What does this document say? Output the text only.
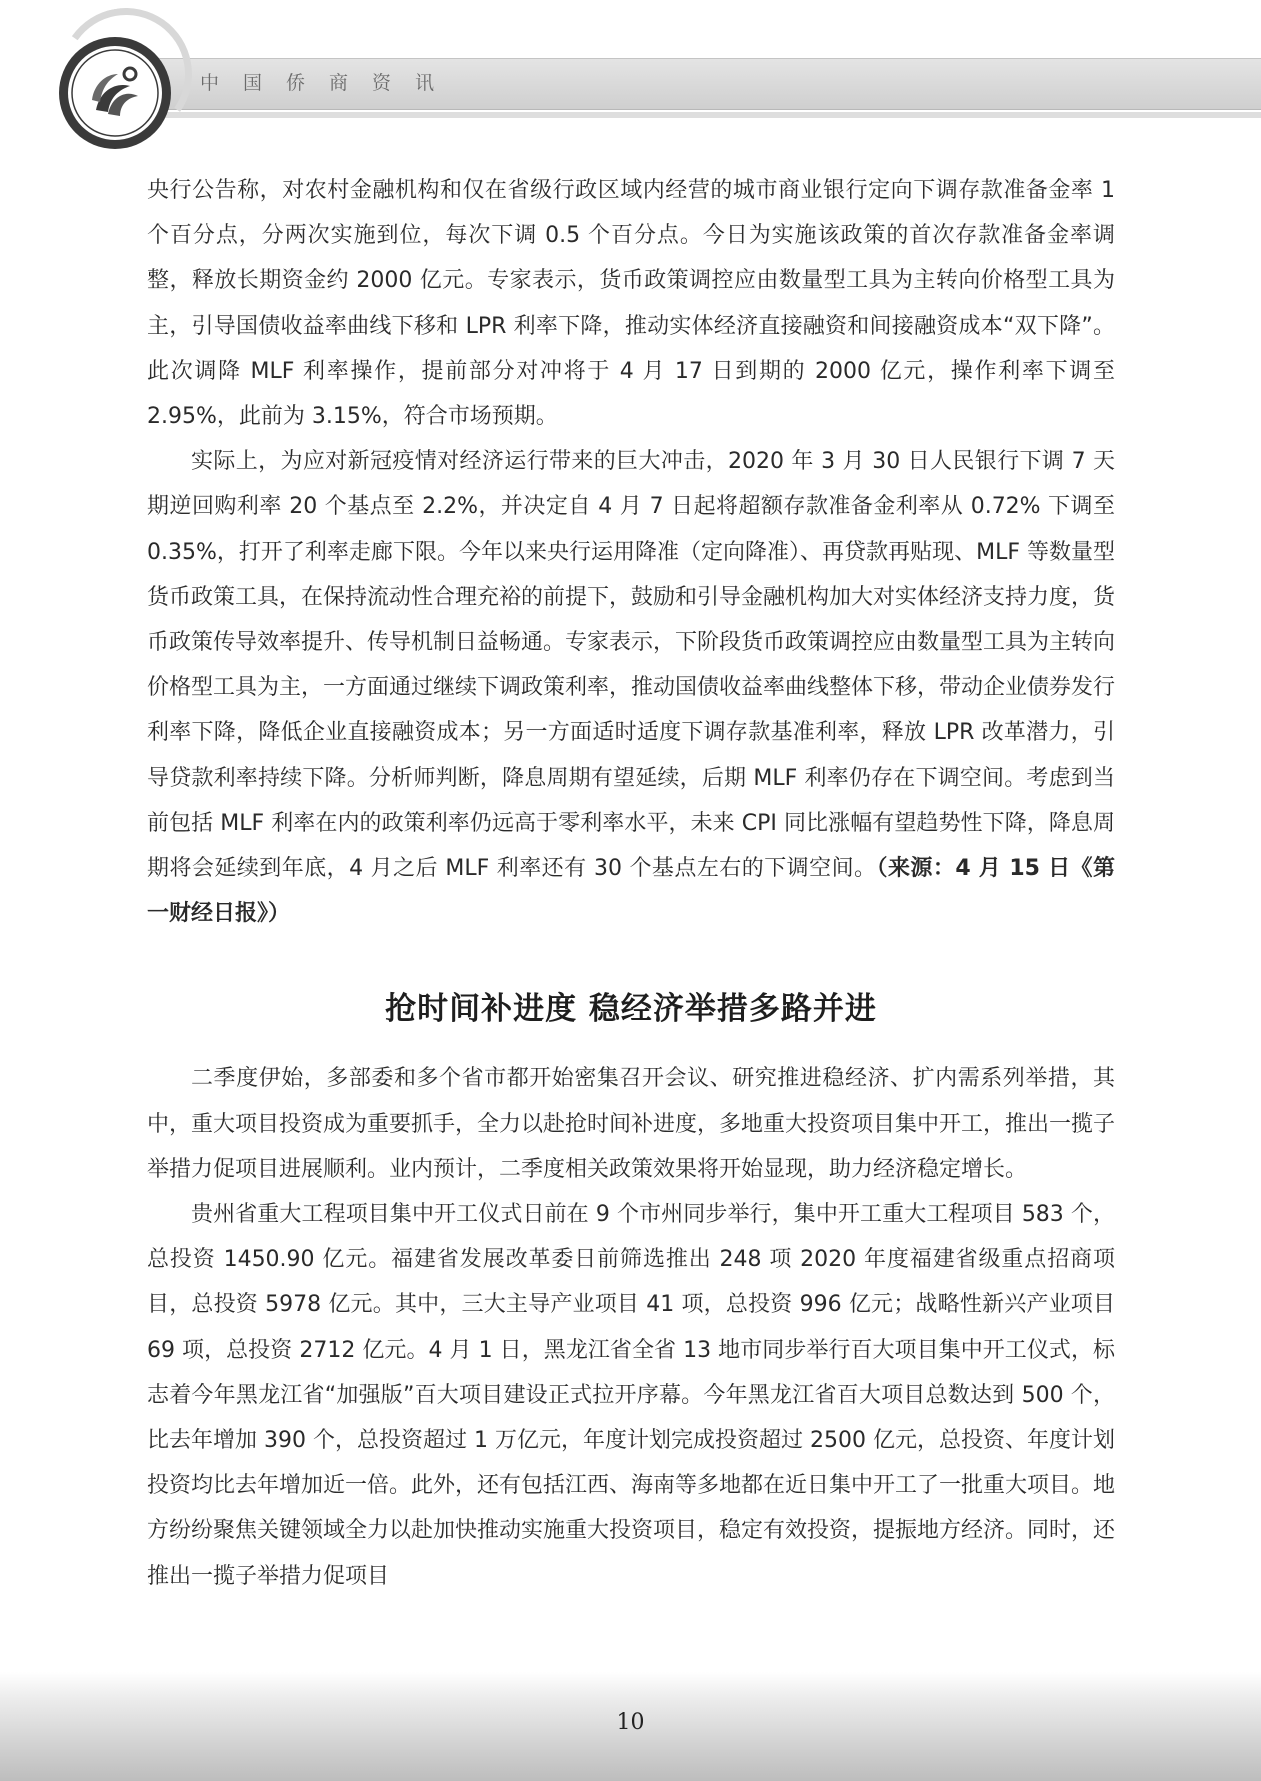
中国侨商资讯

央行公告称，对农村金融机构和仅在省级行政区域内经营的城市商业银行定向下调存款准备金率 1 个百分点，分两次实施到位，每次下调 0.5 个百分点。今日为实施该政策的首次存款准备金率调整，释放长期资金约 2000 亿元。专家表示，货币政策调控应由数量型工具为主转向价格型工具为主，引导国债收益率曲线下移和 LPR 利率下降，推动实体经济直接融资和间接融资成本“双下降”。此次调降 MLF 利率操作，提前部分对冲将于 4 月 17 日到期的 2000 亿元，操作利率下调至 2.95%，此前为 3.15%，符合市场预期。

实际上，为应对新冠疫情对经济运行带来的巨大冲击，2020 年 3 月 30 日人民银行下调 7 天期逆回购利率 20 个基点至 2.2%，并决定自 4 月 7 日起将超额存款准备金利率从 0.72% 下调至 0.35%，打开了利率走廊下限。今年以来央行运用降准（定向降准）、再贷款再贴现、MLF 等数量型货币政策工具，在保持流动性合理充裕的前提下，鼓励和引导金融机构加大对实体经济支持力度，货币政策传导效率提升、传导机制日益畅通。专家表示，下阶段货币政策调控应由数量型工具为主转向价格型工具为主，一方面通过继续下调政策利率，推动国债收益率曲线整体下移，带动企业债券发行利率下降，降低企业直接融资成本；另一方面适时适度下调存款基准利率，释放 LPR 改革潜力，引导贷款利率持续下降。分析师判断，降息周期有望延续，后期 MLF 利率仍存在下调空间。考虑到当前包括 MLF 利率在内的政策利率仍远高于零利率水平，未来 CPI 同比涨幅有望趋势性下降，降息周期将会延续到年底，4 月之后 MLF 利率还有 30 个基点左右的下调空间。（来源：4 月 15 日《第一财经日报》）

抢时间补进度 稳经济举措多路并进

二季度伊始，多部委和多个省市都开始密集召开会议、研究推进稳经济、扩内需系列举措，其中，重大项目投资成为重要抓手，全力以赴抢时间补进度，多地重大投资项目集中开工，推出一揽子举措力促项目进展顺利。业内预计，二季度相关政策效果将开始显现，助力经济稳定增长。

贵州省重大工程项目集中开工仪式日前在 9 个市州同步举行，集中开工重大工程项目 583 个，总投资 1450.90 亿元。福建省发展改革委日前筛选推出 248 项 2020 年度福建省级重点招商项目，总投资 5978 亿元。其中，三大主导产业项目 41 项，总投资 996 亿元；战略性新兴产业项目 69 项，总投资 2712 亿元。4 月 1 日，黑龙江省全省 13 地市同步举行百大项目集中开工仪式，标志着今年黑龙江省“加强版”百大项目建设正式拉开序幕。今年黑龙江省百大项目总数达到 500 个，比去年增加 390 个，总投资超过 1 万亿元，年度计划完成投资超过 2500 亿元，总投资、年度计划投资均比去年增加近一倍。此外，还有包括江西、海南等多地都在近日集中开工了一批重大项目。地方纷纷聚焦关键领域全力以赴加快推动实施重大投资项目，稳定有效投资，提振地方经济。同时，还推出一揽子举措力促项目

10
